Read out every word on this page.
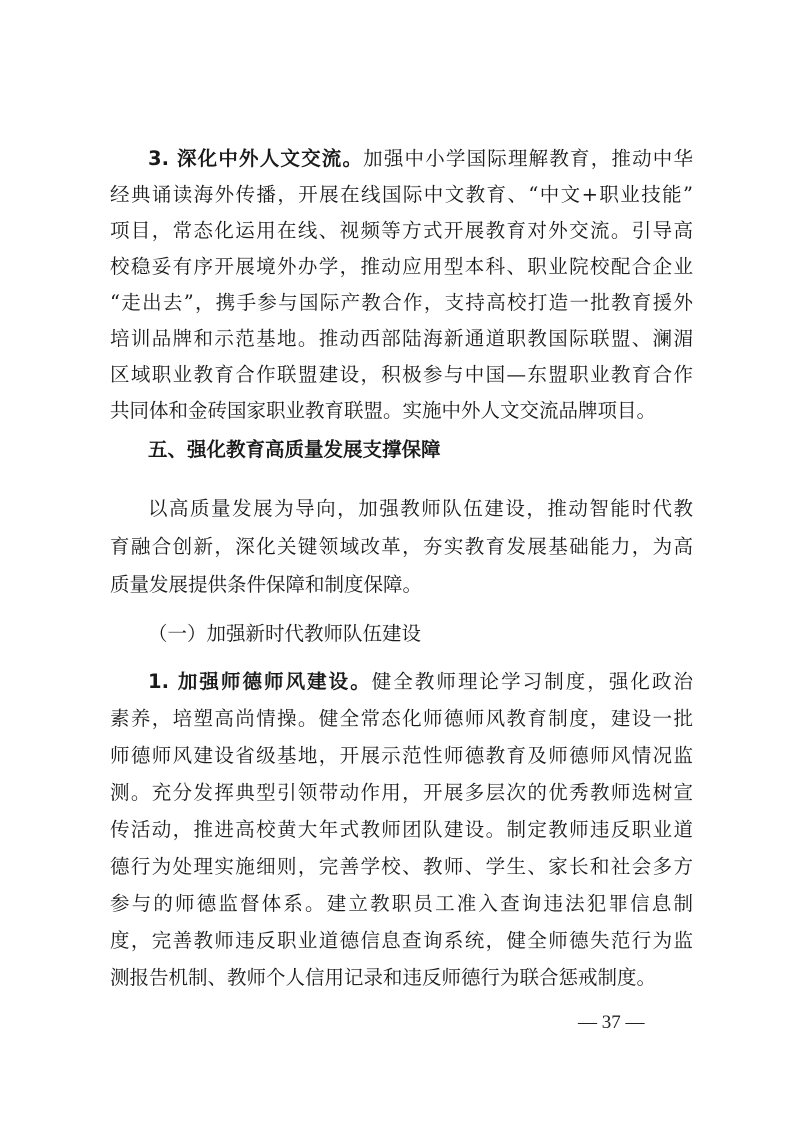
3. 深化中外人文交流。加强中小学国际理解教育，推动中华
经典诵读海外传播，开展在线国际中文教育、“中文+职业技能”
项目，常态化运用在线、视频等方式开展教育对外交流。引导高
校稳妥有序开展境外办学，推动应用型本科、职业院校配合企业
“走出去”，携手参与国际产教合作，支持高校打造一批教育援外
培训品牌和示范基地。推动西部陆海新通道职教国际联盟、澜湄
区域职业教育合作联盟建设，积极参与中国—东盟职业教育合作
共同体和金砖国家职业教育联盟。实施中外人文交流品牌项目。
五、强化教育高质量发展支撑保障
以高质量发展为导向，加强教师队伍建设，推动智能时代教
育融合创新，深化关键领域改革，夯实教育发展基础能力，为高
质量发展提供条件保障和制度保障。
（一）加强新时代教师队伍建设
1. 加强师德师风建设。健全教师理论学习制度，强化政治
素养，培塑高尚情操。健全常态化师德师风教育制度，建设一批
师德师风建设省级基地，开展示范性师德教育及师德师风情况监
测。充分发挥典型引领带动作用，开展多层次的优秀教师选树宣
传活动，推进高校黄大年式教师团队建设。制定教师违反职业道
德行为处理实施细则，完善学校、教师、学生、家长和社会多方
参与的师德监督体系。建立教职员工准入查询违法犯罪信息制
度，完善教师违反职业道德信息查询系统，健全师德失范行为监
测报告机制、教师个人信用记录和违反师德行为联合惩戒制度。
— 37 —
